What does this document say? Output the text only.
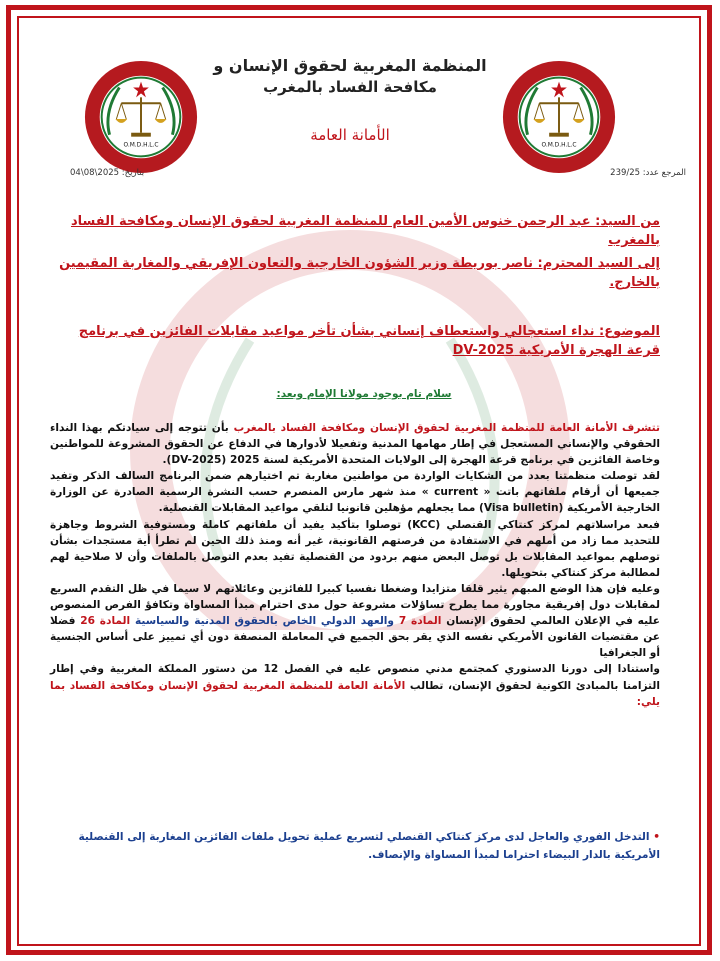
O.M.D.H.L.C	O.M.D.H.L.C
المنظمة المغربية لحقوق الإنسان و
مكافحة الفساد بالمغرب
الأمانة العامة
المرجع عدد: 239/25
بتاريخ: 2025\08\04
من السيد: عبد الرحمن خنوس الأمين العام للمنظمة المغربية لحقوق الإنسان ومكافحة الفساد بالمغرب
إلى السيد المحترم: ناصر بوريطة وزير الشؤون الخارجية والتعاون الإفريقي والمغاربة المقيمين بالخارج.
الموضوع: نداء استعجالي واستعطاف إنساني بشأن تأخر مواعيد مقابلات الفائزين في برنامج قرعة الهجرة الأمريكية DV-2025
سلام تام بوجود مولانا الإمام وبعد:
تتشرف الأمانة العامة للمنظمة المغربية لحقوق الإنسان ومكافحة الفساد بالمغرب بأن تتوجه إلى سيادتكم بهذا النداء الحقوقي والإنساني المستعجل في إطار مهامها المدنية وتفعيلا لأدوارها في الدفاع عن الحقوق المشروعة للمواطنين وخاصة الفائزين في برنامج قرعة الهجرة إلى الولايات المتحدة الأمريكية لسنة 2025 (DV-2025).
لقد توصلت منظمتنا بعدد من الشكايات الواردة من مواطنين مغاربة تم اختيارهم ضمن البرنامج السالف الذكر وتفيد جميعها أن أرقام ملفاتهم باتت « current » منذ شهر مارس المنصرم حسب النشرة الرسمية الصادرة عن الوزارة الخارجية الأمريكية (Visa bulletin) مما يجعلهم مؤهلين قانونيا لتلقي مواعيد المقابلات القنصلية.
فبعد مراسلاتهم لمركز كنتاكي القنصلي (KCC) توصلوا بتأكيد يفيد أن ملفاتهم كاملة ومستوفية الشروط وجاهزة للتحديد مما زاد من أملهم في الاستفادة من فرصتهم القانونية، غير أنه ومنذ ذلك الحين لم تطرأ أية مستجدات بشأن توصلهم بمواعيد المقابلات بل توصل البعض منهم بردود من القنصلية تفيد بعدم التوصل بالملفات وأن لا صلاحية لهم لمطالبة مركز كنتاكي بتحويلها.
وعليه فإن هذا الوضع المبهم يثير قلقا متزايدا وضغطا نفسيا كبيرا للفائزين وعائلاتهم لا سيما في ظل التقدم السريع لمقابلات دول إفريقية مجاورة مما يطرح تساؤلات مشروعة حول مدى احترام مبدأ المساواة وتكافؤ الفرص المنصوص عليه في الإعلان العالمي لحقوق الإنسان المادة 7 والعهد الدولي الخاص بالحقوق المدنية والسياسية المادة 26 فضلا عن مقتضيات القانون الأمريكي نفسه الذي يقر بحق الجميع في المعاملة المنصفة دون أي تمييز على أساس الجنسية أو الجغرافيا
واستنادا إلى دورنا الدستوري كمجتمع مدني منصوص عليه في الفصل 12 من دستور المملكة المغربية وفي إطار التزامنا بالمبادئ الكونية لحقوق الإنسان، تطالب الأمانة العامة للمنظمة المغربية لحقوق الإنسان ومكافحة الفساد بما يلي:
• التدخل الفوري والعاجل لدى مركز كنتاكي القنصلي لتسريع عملية تحويل ملفات الفائزين المغاربة إلى القنصلية الأمريكية بالدار البيضاء احتراما لمبدأ المساواة والإنصاف.
